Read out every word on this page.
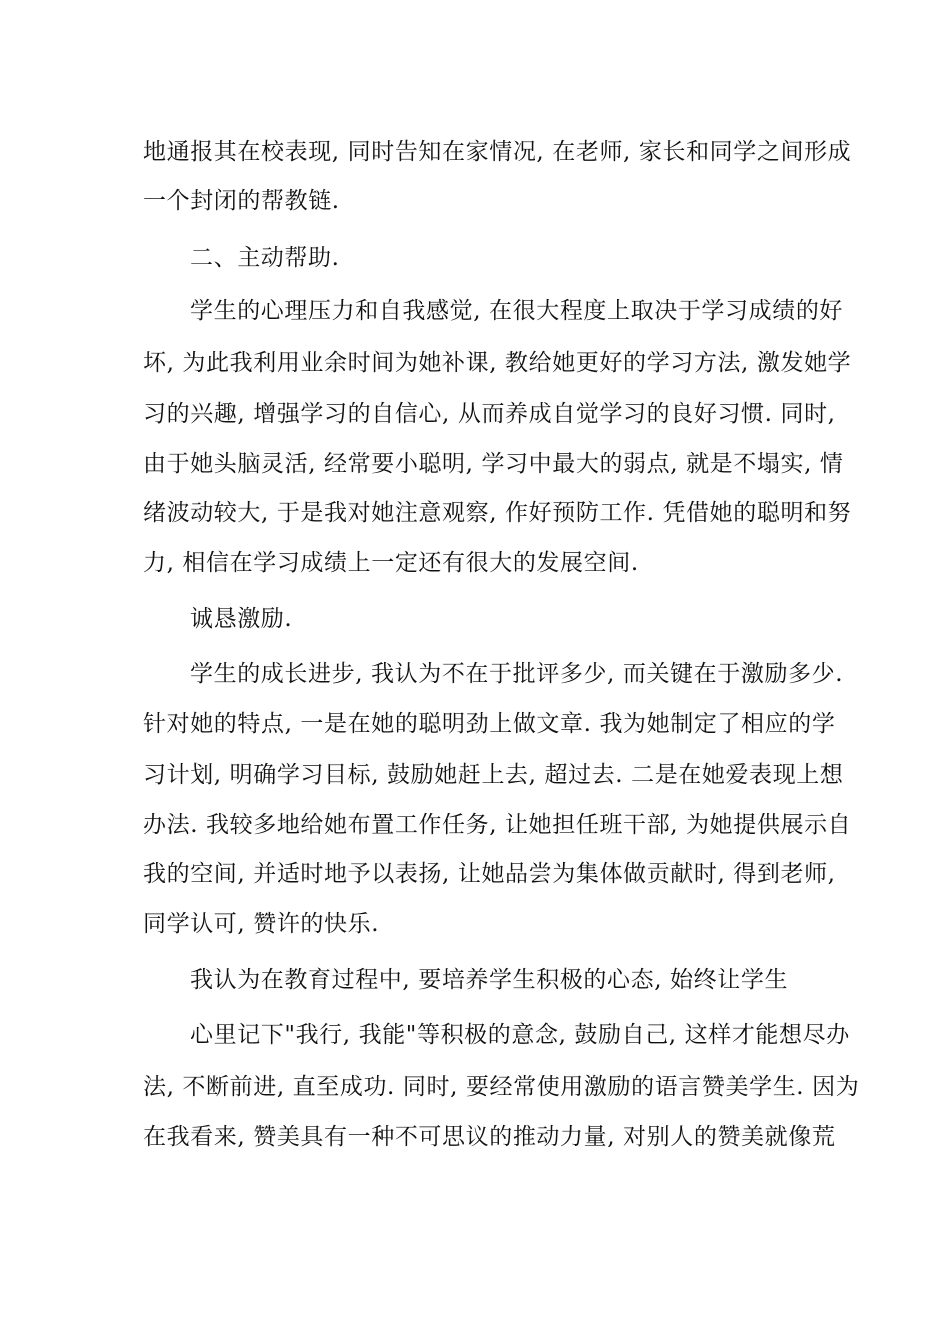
地通报其在校表现, 同时告知在家情况, 在老师, 家长和同学之间形成
一个封闭的帮教链.
二、主动帮助.
学生的心理压力和自我感觉, 在很大程度上取决于学习成绩的好
坏, 为此我利用业余时间为她补课, 教给她更好的学习方法, 激发她学
习的兴趣, 增强学习的自信心, 从而养成自觉学习的良好习惯. 同时,
由于她头脑灵活, 经常要小聪明, 学习中最大的弱点, 就是不塌实, 情
绪波动较大, 于是我对她注意观察, 作好预防工作. 凭借她的聪明和努
力, 相信在学习成绩上一定还有很大的发展空间.
诚恳激励.
学生的成长进步, 我认为不在于批评多少, 而关键在于激励多少.
针对她的特点, 一是在她的聪明劲上做文章. 我为她制定了相应的学
习计划, 明确学习目标, 鼓励她赶上去, 超过去. 二是在她爱表现上想
办法. 我较多地给她布置工作任务, 让她担任班干部, 为她提供展示自
我的空间, 并适时地予以表扬, 让她品尝为集体做贡献时, 得到老师,
同学认可, 赞许的快乐.
我认为在教育过程中, 要培养学生积极的心态, 始终让学生
心里记下"我行, 我能"等积极的意念, 鼓励自己, 这样才能想尽办
法, 不断前进, 直至成功. 同时, 要经常使用激励的语言赞美学生. 因为
在我看来, 赞美具有一种不可思议的推动力量, 对别人的赞美就像荒
